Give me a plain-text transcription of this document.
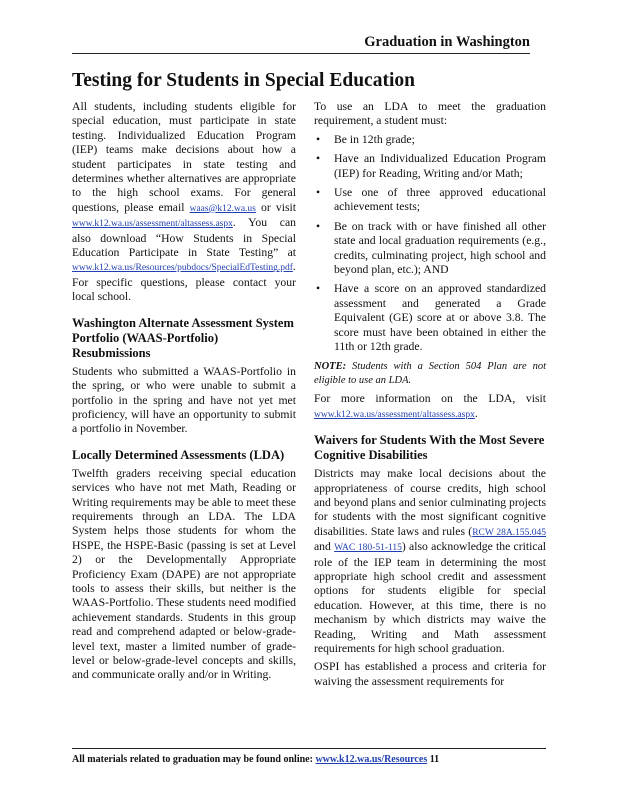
Graduation in Washington
Testing for Students in Special Education

All students, including students eligible for special education, must participate in state testing. Individualized Education Program (IEP) teams make decisions about how a student participates in state testing and determines whether alternatives are appropriate to the high school exams. For general questions, please email waas@k12.wa.us or visit www.k12.wa.us/assessment/altassess.aspx. You can also download “How Students in Special Education Participate in State Testing” at www.k12.wa.us/Resources/pubdocs/SpecialEdTesting.pdf. For specific questions, please contact your local school.

Washington Alternate Assessment System Portfolio (WAAS-Portfolio) Resubmissions

Students who submitted a WAAS-Portfolio in the spring, or who were unable to submit a portfolio in the spring and have not yet met proficiency, will have an opportunity to submit a portfolio in November.

Locally Determined Assessments (LDA)

Twelfth graders receiving special education services who have not met Math, Reading or Writing requirements may be able to meet these requirements through an LDA. The LDA System helps those students for whom the HSPE, the HSPE-Basic (passing is set at Level 2) or the Developmentally Appropriate Proficiency Exam (DAPE) are not appropriate tools to assess their skills, but neither is the WAAS-Portfolio. These students need modified achievement standards. Students in this group read and comprehend adapted or below-grade-level text, master a limited number of grade-level or below-grade-level concepts and skills, and communicate orally and/or in Writing.

To use an LDA to meet the graduation requirement, a student must:

• Be in 12th grade;
• Have an Individualized Education Program (IEP) for Reading, Writing and/or Math;
• Use one of three approved educational achievement tests;
• Be on track with or have finished all other state and local graduation requirements (e.g., credits, culminating project, high school and beyond plan, etc.); AND
• Have a score on an approved standardized assessment and generated a Grade Equivalent (GE) score at or above 3.8. The score must have been obtained in either the 11th or 12th grade.

NOTE: Students with a Section 504 Plan are not eligible to use an LDA.

For more information on the LDA, visit www.k12.wa.us/assessment/altassess.aspx.

Waivers for Students With the Most Severe Cognitive Disabilities

Districts may make local decisions about the appropriateness of course credits, high school and beyond plans and senior culminating projects for students with the most significant cognitive disabilities. State laws and rules (RCW 28A.155.045 and WAC 180-51-115) also acknowledge the critical role of the IEP team in determining the most appropriate high school credit and assessment options for students eligible for special education. However, at this time, there is no mechanism by which districts may waive the Reading, Writing and Math assessment requirements for high school graduation.

OSPI has established a process and criteria for waiving the assessment requirements for

All materials related to graduation may be found online: www.k12.wa.us/Resources 11
